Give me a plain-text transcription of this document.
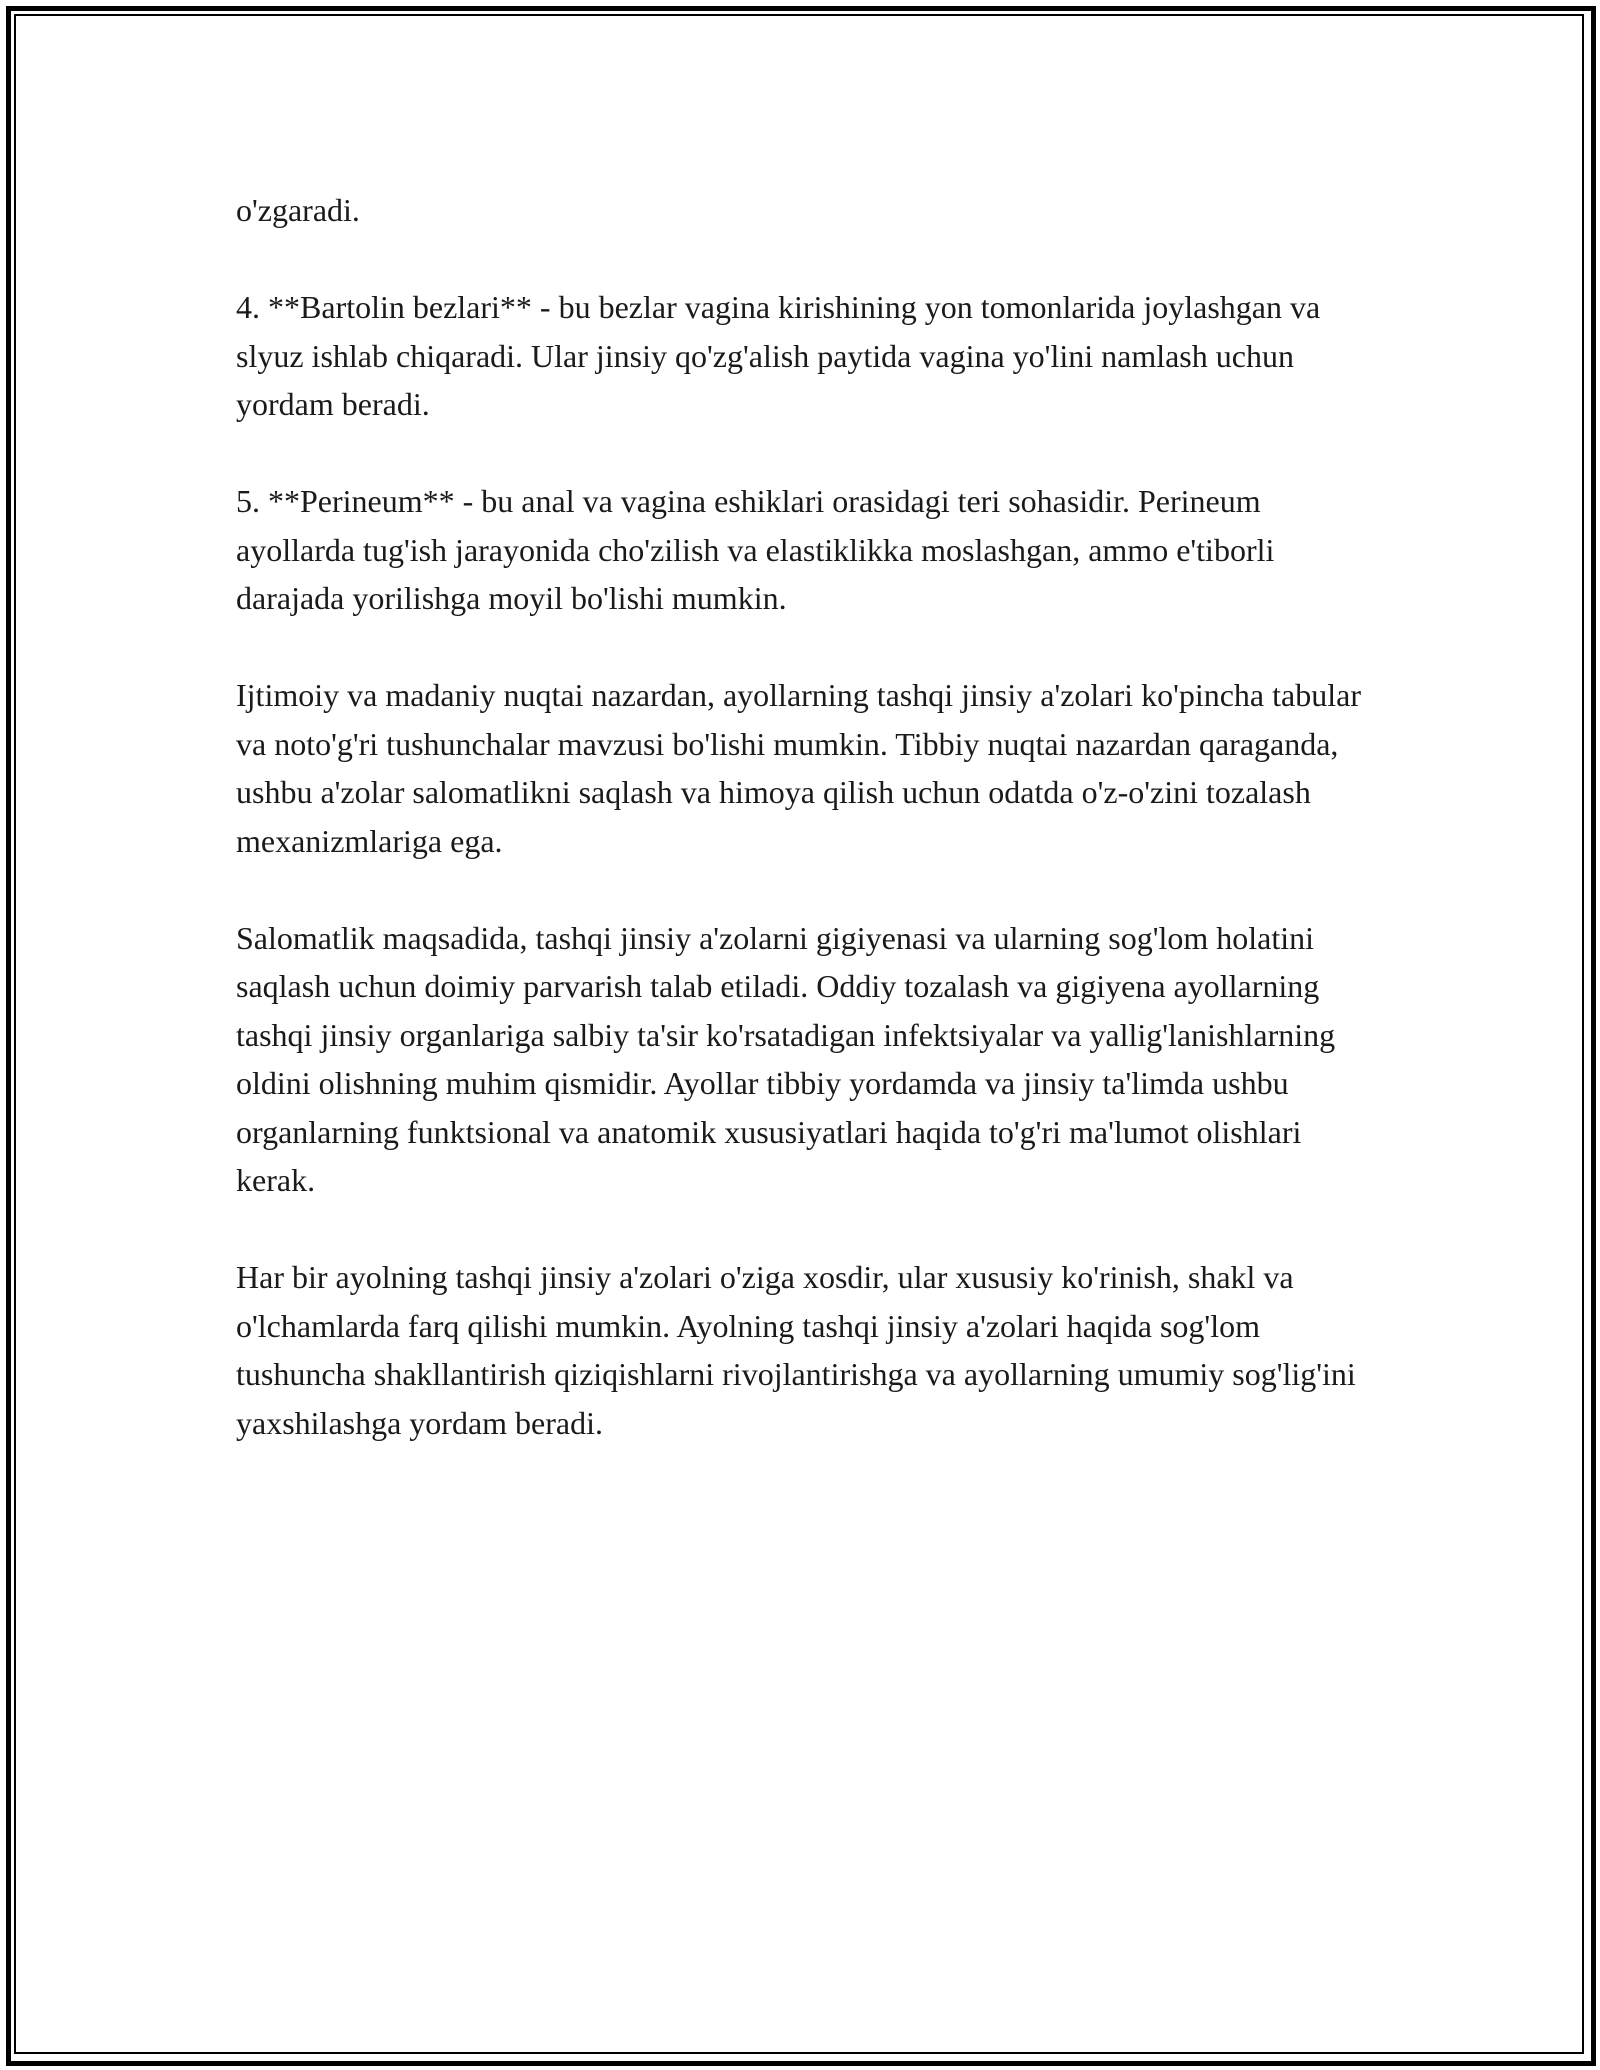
o'zgaradi.

4. **Bartolin bezlari** - bu bezlar vagina kirishining yon tomonlarida joylashgan va slyuz ishlab chiqaradi. Ular jinsiy qo'zg'alish paytida vagina yo'lini namlash uchun yordam beradi.

5. **Perineum** - bu anal va vagina eshiklari orasidagi teri sohasidir. Perineum ayollarda tug'ish jarayonida cho'zilish va elastiklikka moslashgan, ammo e'tiborli darajada yorilishga moyil bo'lishi mumkin.

Ijtimoiy va madaniy nuqtai nazardan, ayollarning tashqi jinsiy a'zolari ko'pincha tabular va noto'g'ri tushunchalar mavzusi bo'lishi mumkin. Tibbiy nuqtai nazardan qaraganda, ushbu a'zolar salomatlikni saqlash va himoya qilish uchun odatda o'z-o'zini tozalash mexanizmlariga ega.

Salomatlik maqsadida, tashqi jinsiy a'zolarni gigiyenasi va ularning sog'lom holatini saqlash uchun doimiy parvarish talab etiladi. Oddiy tozalash va gigiyena ayollarning tashqi jinsiy organlariga salbiy ta'sir ko'rsatadigan infektsiyalar va yallig'lanishlarning oldini olishning muhim qismidir. Ayollar tibbiy yordamda va jinsiy ta'limda ushbu organlarning funktsional va anatomik xususiyatlari haqida to'g'ri ma'lumot olishlari kerak.

Har bir ayolning tashqi jinsiy a'zolari o'ziga xosdir, ular xususiy ko'rinish, shakl va o'lchamlarda farq qilishi mumkin. Ayolning tashqi jinsiy a'zolari haqida sog'lom tushuncha shakllantirish qiziqishlarni rivojlantirishga va ayollarning umumiy sog'lig'ini yaxshilashga yordam beradi.
